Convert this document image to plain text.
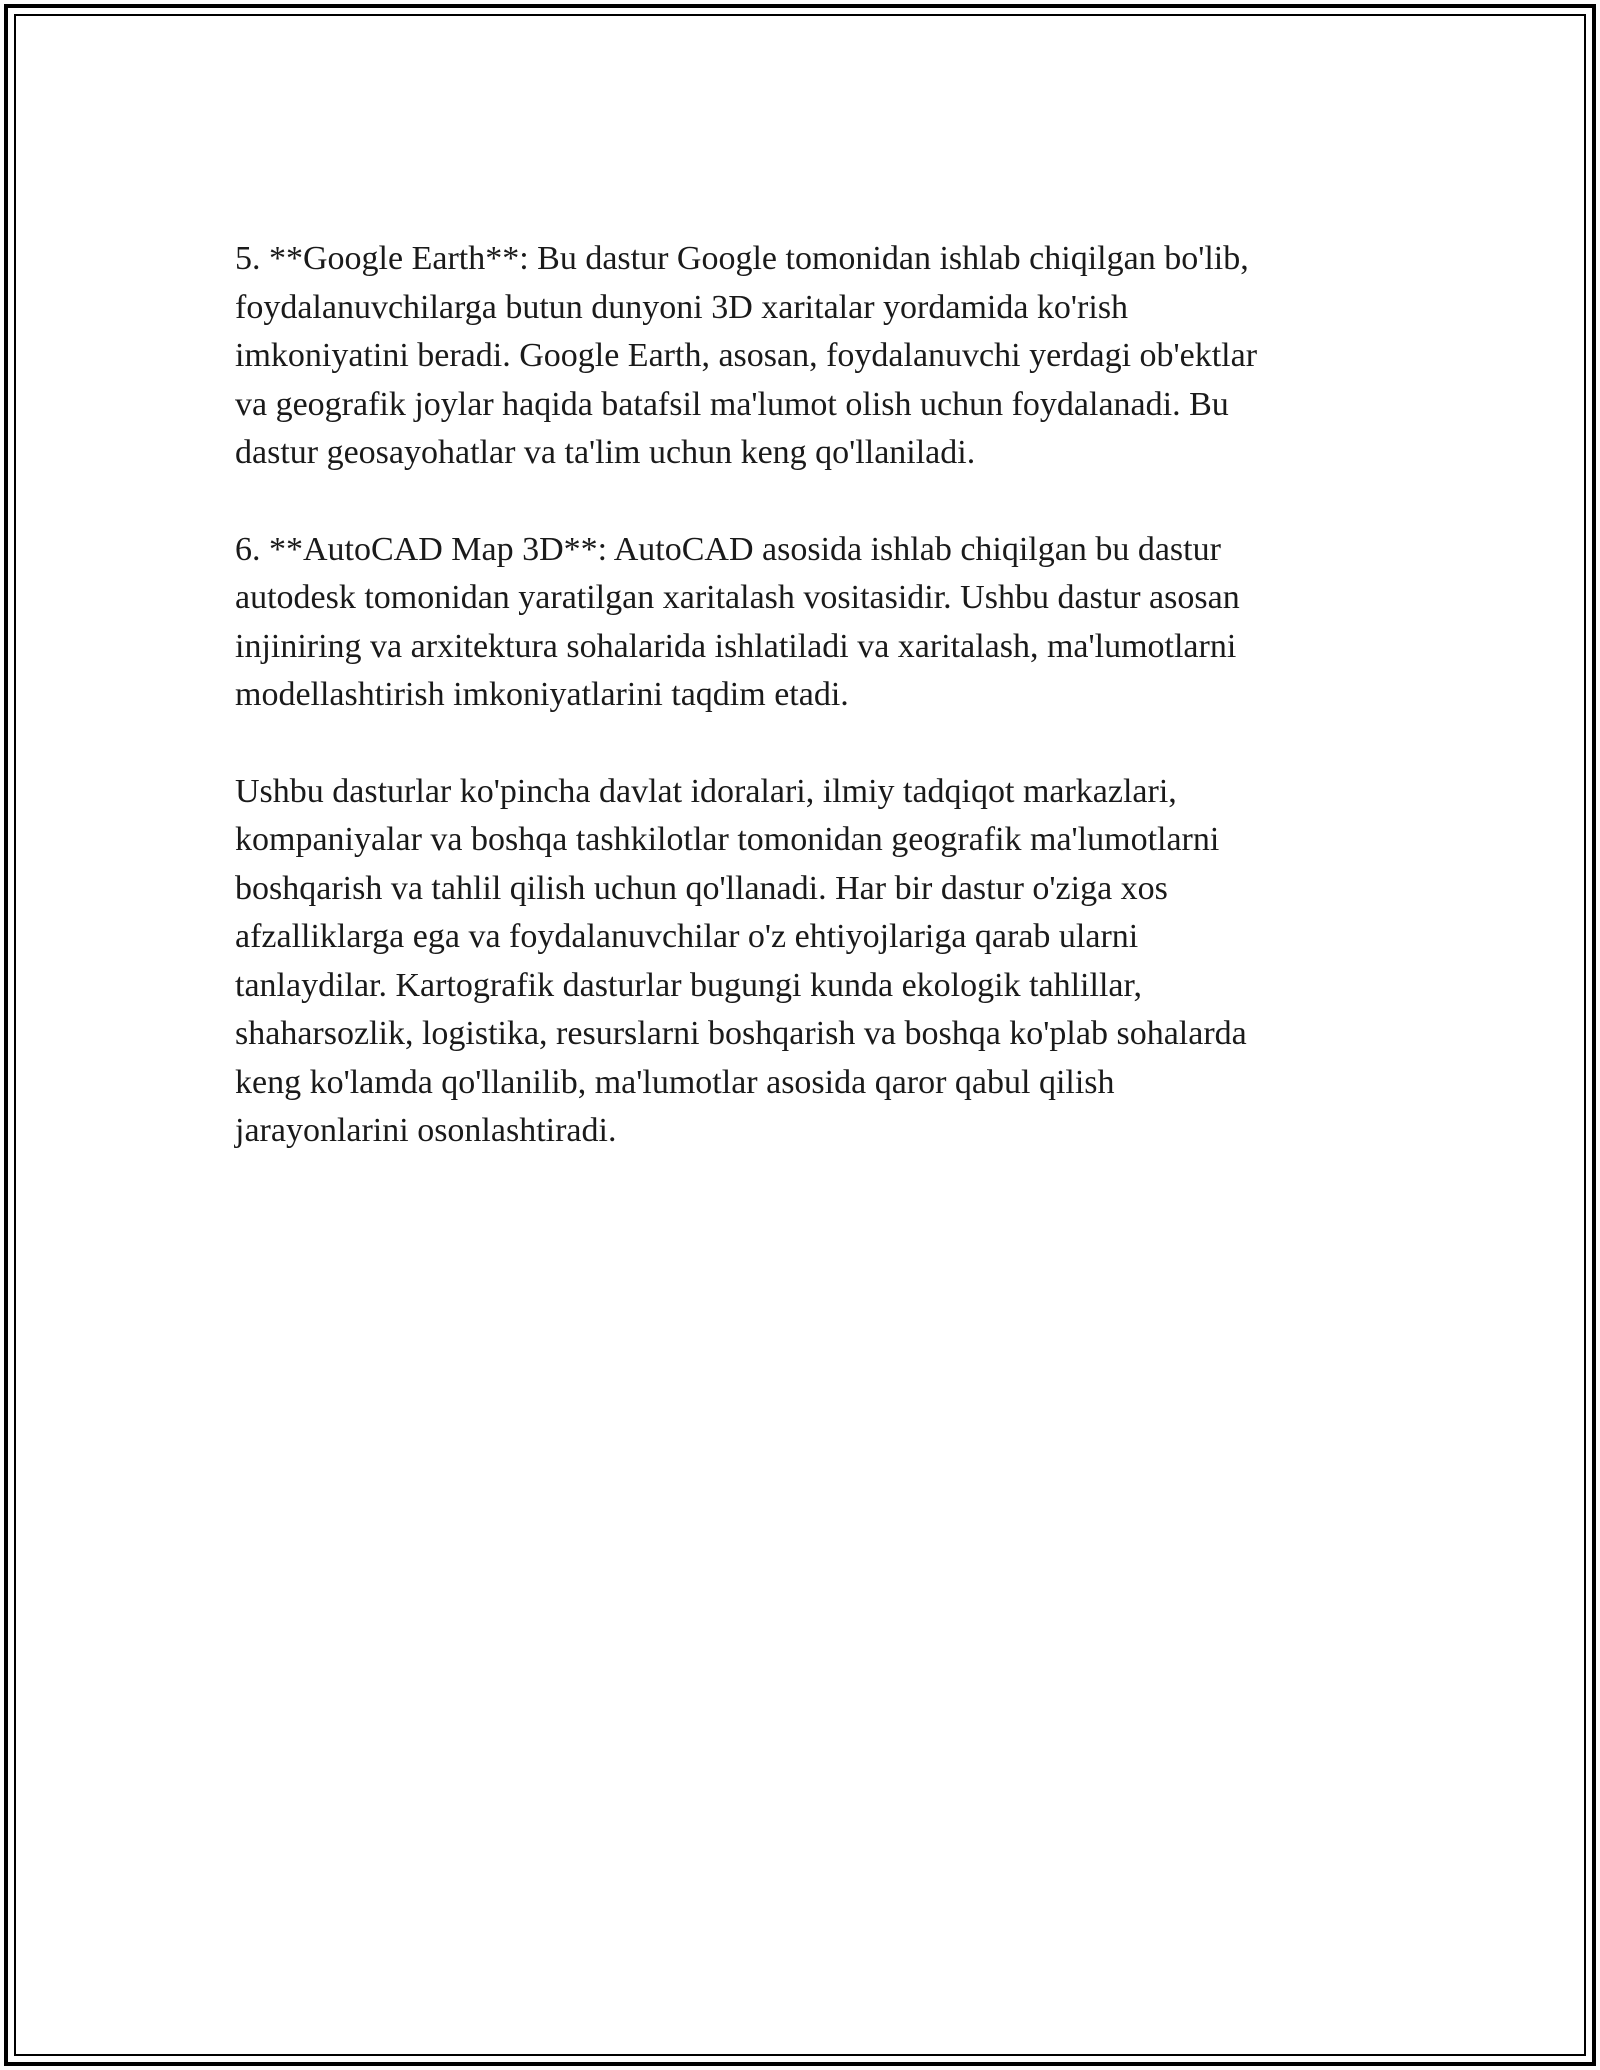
5. **Google Earth**: Bu dastur Google tomonidan ishlab chiqilgan bo'lib,
foydalanuvchilarga butun dunyoni 3D xaritalar yordamida ko'rish
imkoniyatini beradi. Google Earth, asosan, foydalanuvchi yerdagi ob'ektlar
va geografik joylar haqida batafsil ma'lumot olish uchun foydalanadi. Bu
dastur geosayohatlar va ta'lim uchun keng qo'llaniladi.

6. **AutoCAD Map 3D**: AutoCAD asosida ishlab chiqilgan bu dastur
autodesk tomonidan yaratilgan xaritalash vositasidir. Ushbu dastur asosan
injiniring va arxitektura sohalarida ishlatiladi va xaritalash, ma'lumotlarni
modellashtirish imkoniyatlarini taqdim etadi.

Ushbu dasturlar ko'pincha davlat idoralari, ilmiy tadqiqot markazlari,
kompaniyalar va boshqa tashkilotlar tomonidan geografik ma'lumotlarni
boshqarish va tahlil qilish uchun qo'llanadi. Har bir dastur o'ziga xos
afzalliklarga ega va foydalanuvchilar o'z ehtiyojlariga qarab ularni
tanlaydilar. Kartografik dasturlar bugungi kunda ekologik tahlillar,
shaharsozlik, logistika, resurslarni boshqarish va boshqa ko'plab sohalarda
keng ko'lamda qo'llanilib, ma'lumotlar asosida qaror qabul qilish
jarayonlarini osonlashtiradi.
